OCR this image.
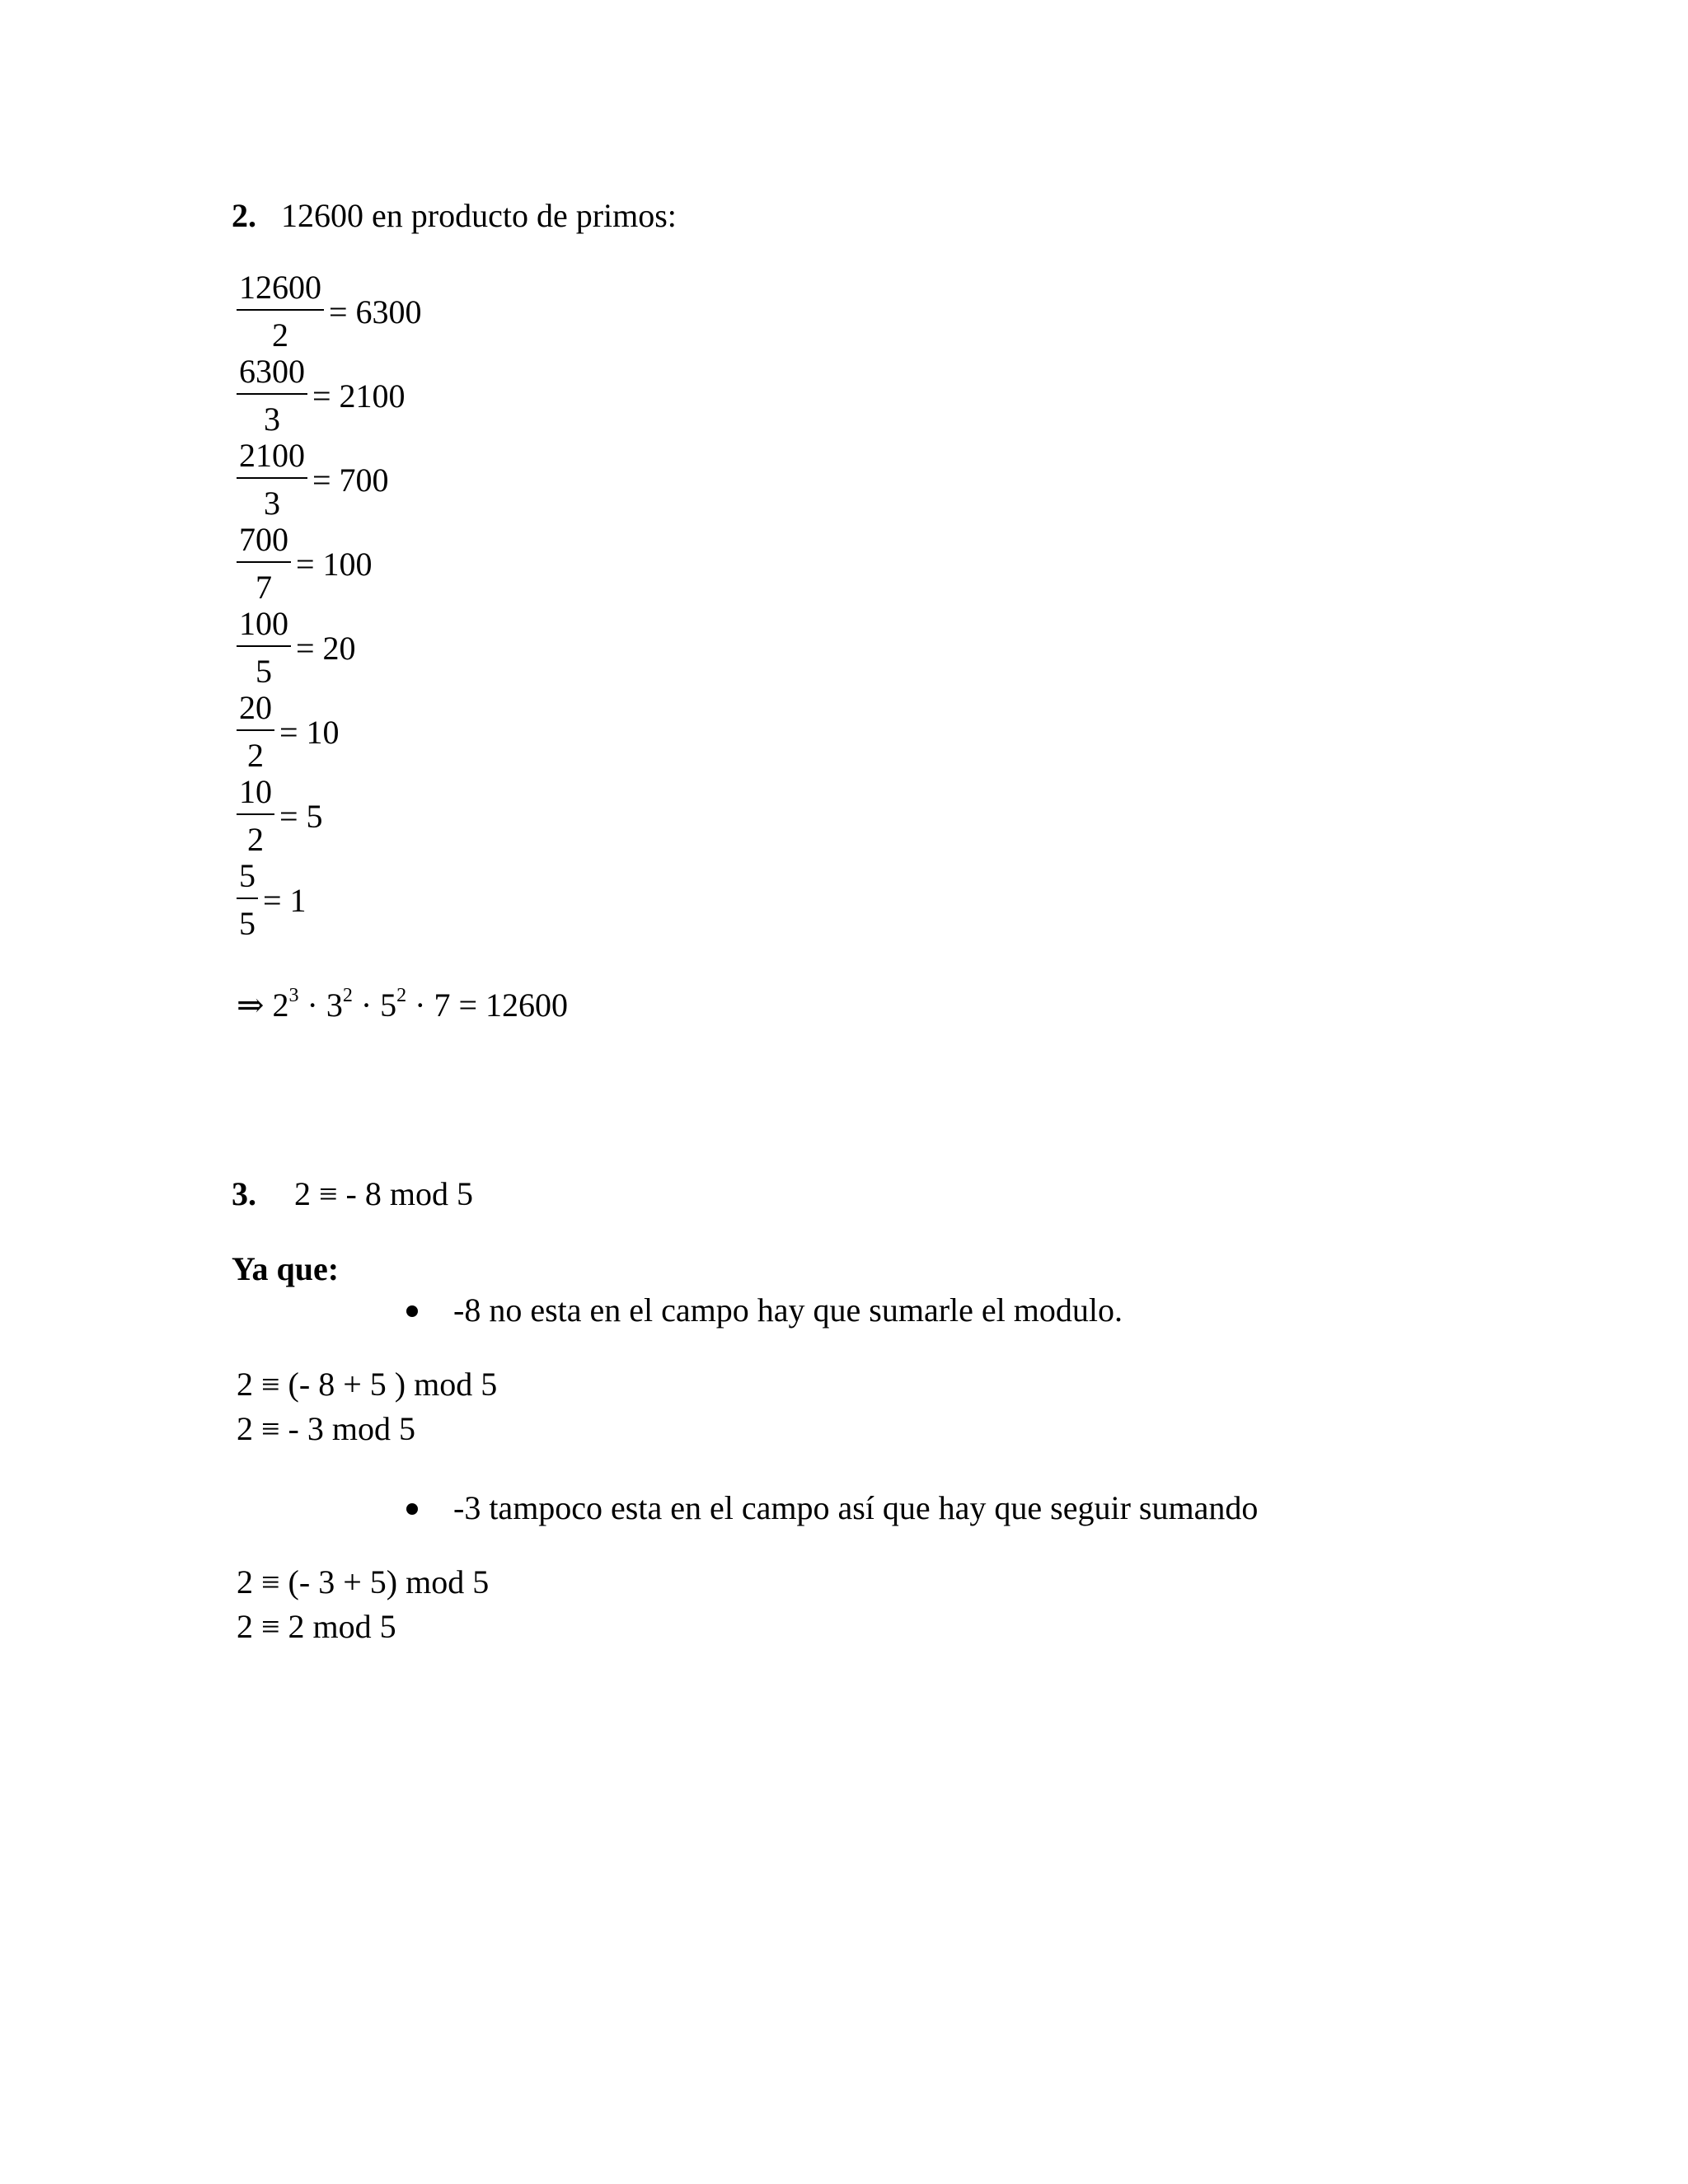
2. 12600 en producto de primos:
$\frac{12600}{2} = 6300$
$\frac{6300}{3} = 2100$
$\frac{2100}{3} = 700$
$\frac{700}{7} = 100$
$\frac{100}{5} = 20$
$\frac{20}{2} = 10$
$\frac{10}{2} = 5$
$\frac{5}{5} = 1$
⇒ $2^3 \cdot 3^2 \cdot 5^2 \cdot 7 = 12600$
3. 2 ≡ - 8 mod 5
Ya que:
-8 no esta en el campo hay que sumarle el modulo.
2 ≡ (- 8 + 5 ) mod 5
2 ≡ - 3 mod 5
-3 tampoco esta en el campo así que hay que seguir sumando
2 ≡ (- 3 + 5) mod 5
2 ≡ 2 mod 5
